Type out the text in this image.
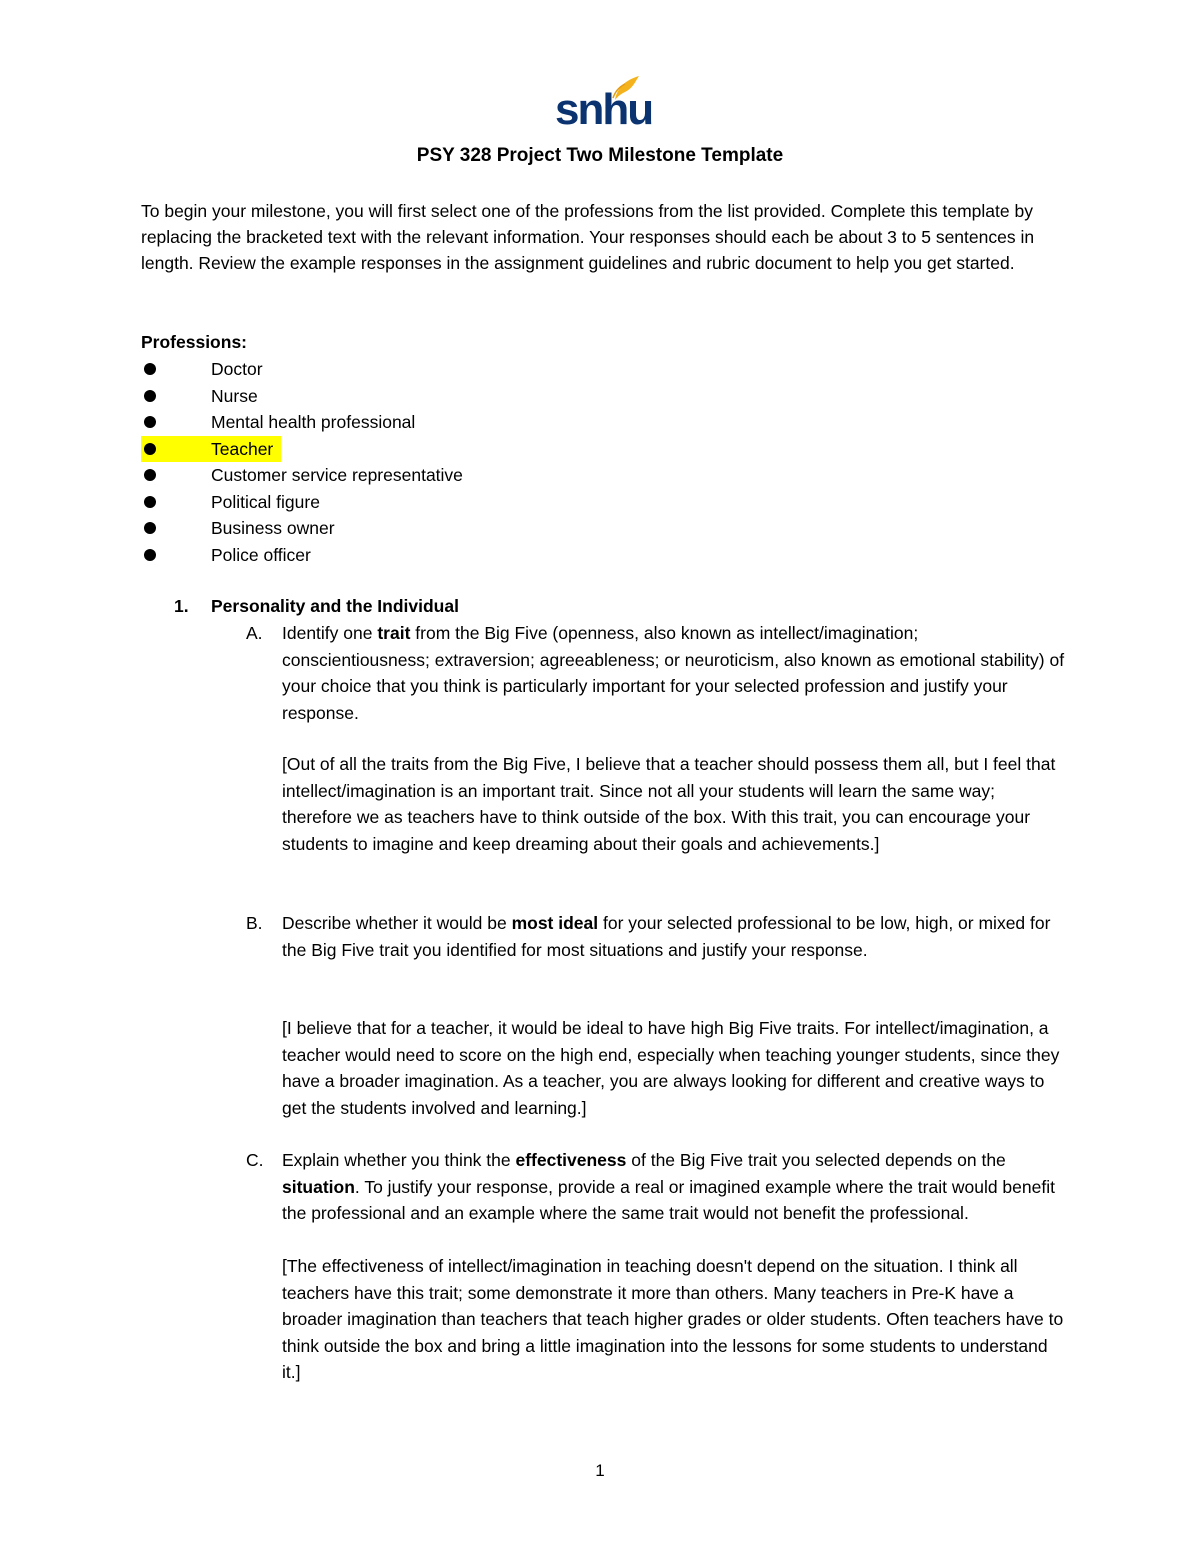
snhu
PSY 328 Project Two Milestone Template
To begin your milestone, you will first select one of the professions from the list provided. Complete this template by replacing the bracketed text with the relevant information. Your responses should each be about 3 to 5 sentences in length. Review the example responses in the assignment guidelines and rubric document to help you get started.
Professions:
Doctor
Nurse
Mental health professional
Teacher
Customer service representative
Political figure
Business owner
Police officer
1. Personality and the Individual
A. Identify one trait from the Big Five (openness, also known as intellect/imagination; conscientiousness; extraversion; agreeableness; or neuroticism, also known as emotional stability) of your choice that you think is particularly important for your selected profession and justify your response.
[Out of all the traits from the Big Five, I believe that a teacher should possess them all, but I feel that intellect/imagination is an important trait. Since not all your students will learn the same way; therefore we as teachers have to think outside of the box. With this trait, you can encourage your students to imagine and keep dreaming about their goals and achievements.]
B. Describe whether it would be most ideal for your selected professional to be low, high, or mixed for the Big Five trait you identified for most situations and justify your response.
[I believe that for a teacher, it would be ideal to have high Big Five traits. For intellect/imagination, a teacher would need to score on the high end, especially when teaching younger students, since they have a broader imagination. As a teacher, you are always looking for different and creative ways to get the students involved and learning.]
C. Explain whether you think the effectiveness of the Big Five trait you selected depends on the situation. To justify your response, provide a real or imagined example where the trait would benefit the professional and an example where the same trait would not benefit the professional.
[The effectiveness of intellect/imagination in teaching doesn't depend on the situation. I think all teachers have this trait; some demonstrate it more than others. Many teachers in Pre-K have a broader imagination than teachers that teach higher grades or older students. Often teachers have to think outside the box and bring a little imagination into the lessons for some students to understand it.]
1
